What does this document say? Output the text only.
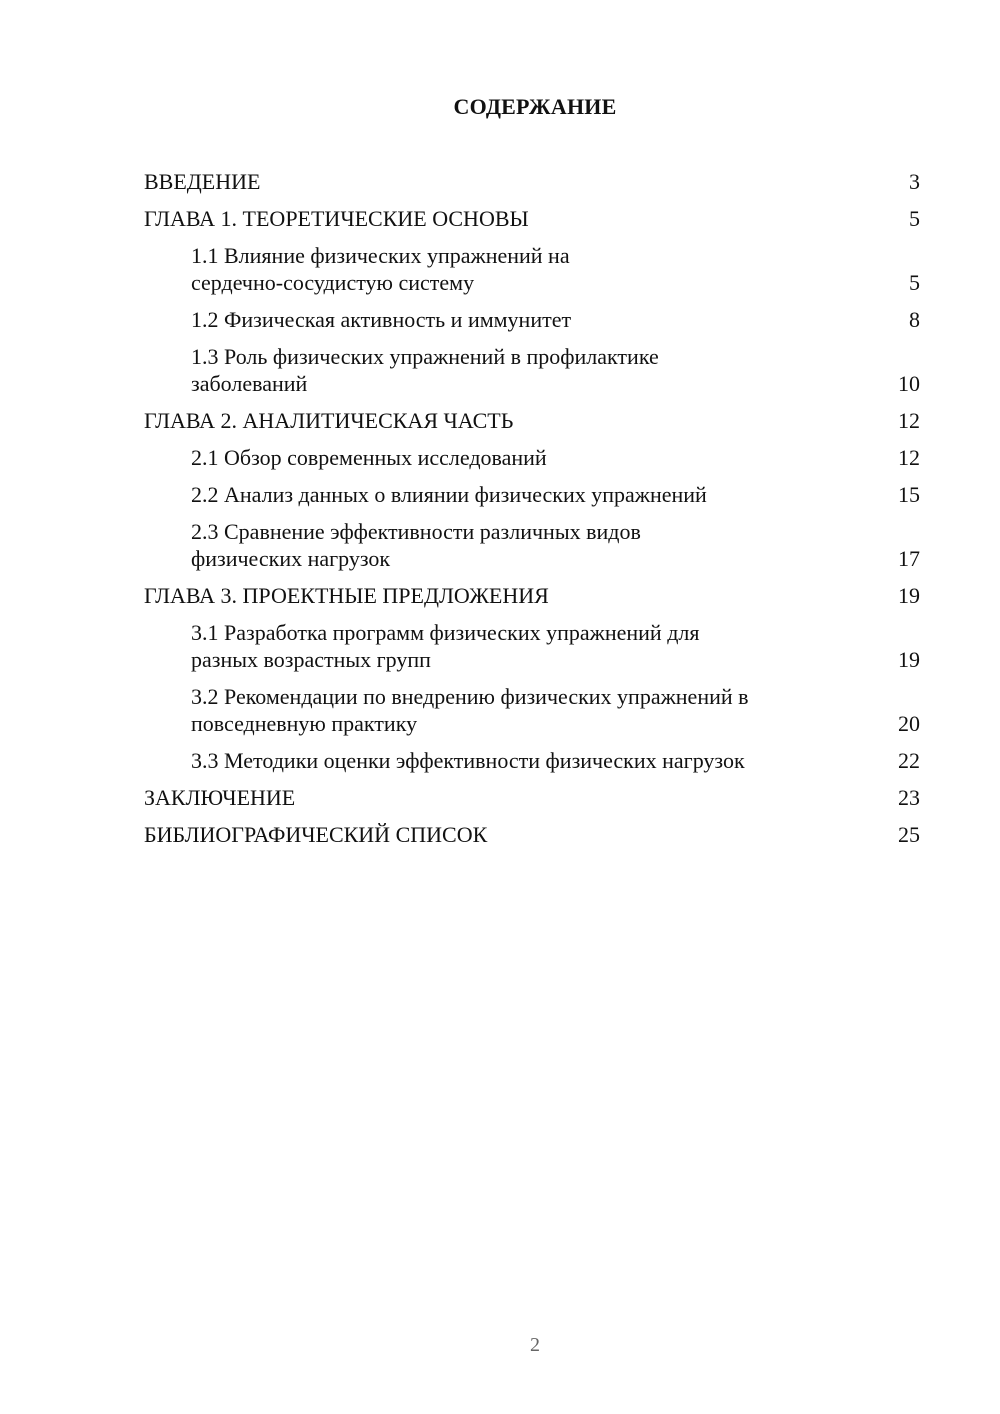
СОДЕРЖАНИЕ
ВВЕДЕНИЕ	3
ГЛАВА 1. ТЕОРЕТИЧЕСКИЕ ОСНОВЫ	5
1.1 Влияние физических упражнений на
сердечно-сосудистую систему	5
1.2 Физическая активность и иммунитет	8
1.3 Роль физических упражнений в профилактике
заболеваний	10
ГЛАВА 2. АНАЛИТИЧЕСКАЯ ЧАСТЬ	12
2.1 Обзор современных исследований	12
2.2 Анализ данных о влиянии физических упражнений	15
2.3 Сравнение эффективности различных видов
физических нагрузок	17
ГЛАВА 3. ПРОЕКТНЫЕ ПРЕДЛОЖЕНИЯ	19
3.1 Разработка программ физических упражнений для
разных возрастных групп	19
3.2 Рекомендации по внедрению физических упражнений в
повседневную практику	20
3.3 Методики оценки эффективности физических нагрузок	22
ЗАКЛЮЧЕНИЕ	23
БИБЛИОГРАФИЧЕСКИЙ СПИСОК	25
2
